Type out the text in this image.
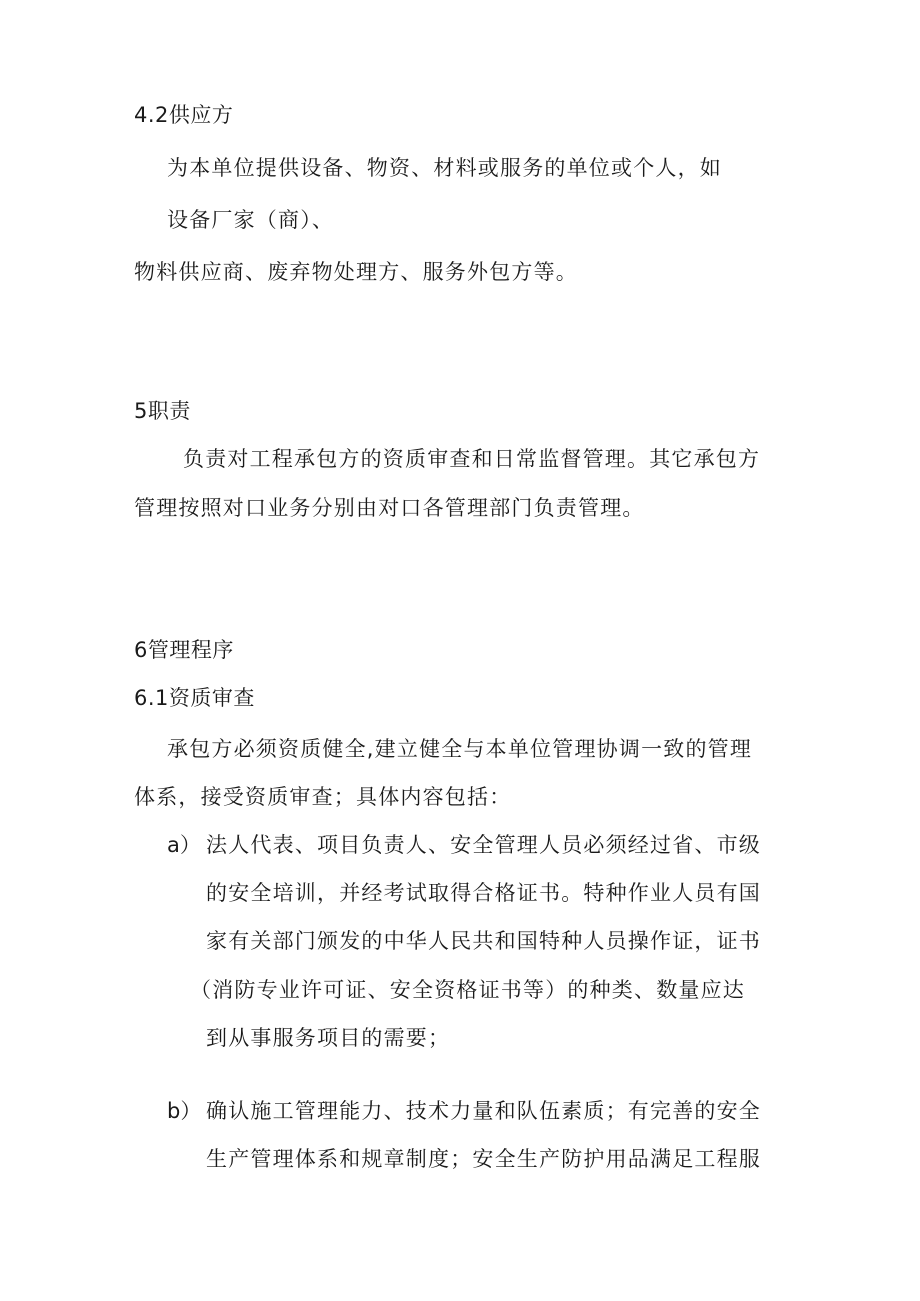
4.2供应方
为本单位提供设备、物资、材料或服务的单位或个人，如
设备厂家（商）、
物料供应商、废弃物处理方、服务外包方等。
5职责
负责对工程承包方的资质审查和日常监督管理。其它承包方
管理按照对口业务分别由对口各管理部门负责管理。
6管理程序
6.1资质审查
承包方必须资质健全,建立健全与本单位管理协调一致的管理
体系，接受资质审查；具体内容包括：
a） 法人代表、项目负责人、安全管理人员必须经过省、市级
的安全培训，并经考试取得合格证书。特种作业人员有国
家有关部门颁发的中华人民共和国特种人员操作证，证书
（消防专业许可证、安全资格证书等）的种类、数量应达
到从事服务项目的需要；
b） 确认施工管理能力、技术力量和队伍素质；有完善的安全
生产管理体系和规章制度；安全生产防护用品满足工程服
